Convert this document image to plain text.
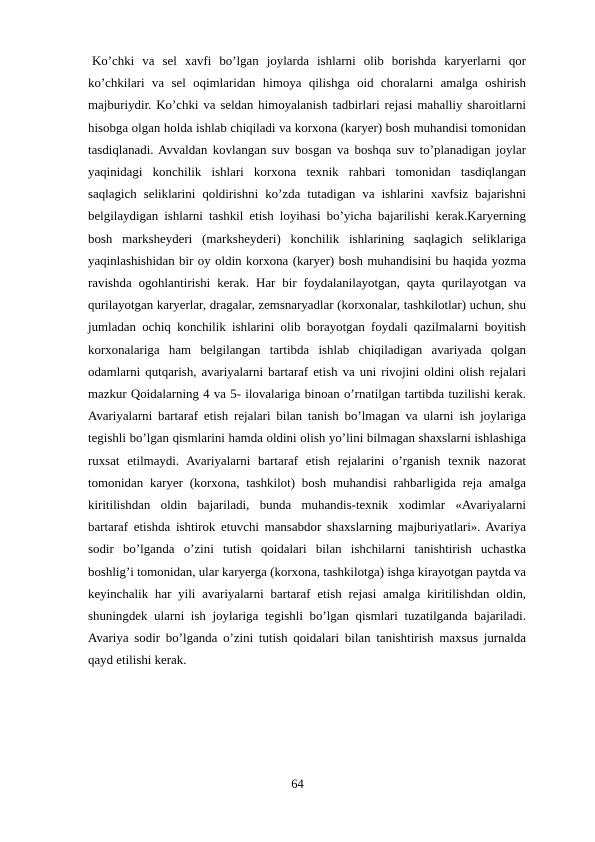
Ko’chki va sel xavfi bo’lgan joylarda ishlarni olib borishda karyerlarni qor ko’chkilari va sel oqimlaridan himoya qilishga oid choralarni amalga oshirish majburiydir. Ko’chki va seldan himoyalanish tadbirlari rejasi mahalliy sharoitlarni hisobga olgan holda ishlab chiqiladi va korxona (karyer) bosh muhandisi tomonidan tasdiqlanadi. Avvaldan kovlangan suv bosgan va boshqa suv to’planadigan joylar yaqinidagi konchilik ishlari korxona texnik rahbari tomonidan tasdiqlangan saqlagich seliklarini qoldirishni ko’zda tutadigan va ishlarini xavfsiz bajarishni belgilaydigan ishlarni tashkil etish loyihasi bo’yicha bajarilishi kerak.Karyerning bosh marksheyderi (marksheyderi) konchilik ishlarining saqlagich seliklariga yaqinlashishidan bir oy oldin korxona (karyer) bosh muhandisini bu haqida yozma ravishda ogohlantirishi kerak. Har bir foydalanilayotgan, qayta qurilayotgan va qurilayotgan karyerlar, dragalar, zemsnaryadlar (korxonalar, tashkilotlar) uchun, shu jumladan ochiq konchilik ishlarini olib borayotgan foydali qazilmalarni boyitish korxonalariga ham belgilangan tartibda ishlab chiqiladigan avariyada qolgan odamlarni qutqarish, avariyalarni bartaraf etish va uni rivojini oldini olish rejalari mazkur Qoidalarning 4 va 5- ilovalariga binoan o’rnatilgan tartibda tuzilishi kerak. Avariyalarni bartaraf etish rejalari bilan tanish bo’lmagan va ularni ish joylariga tegishli bo’lgan qismlarini hamda oldini olish yo’lini bilmagan shaxslarni ishlashiga ruxsat etilmaydi. Avariyalarni bartaraf etish rejalarini o’rganish texnik nazorat tomonidan karyer (korxona, tashkilot) bosh muhandisi rahbarligida reja amalga kiritilishdan oldin bajariladi, bunda muhandis-texnik xodimlar «Avariyalarni bartaraf etishda ishtirok etuvchi mansabdor shaxslarning majburiyatlari». Avariya sodir bo’lganda o’zini tutish qoidalari bilan ishchilarni tanishtirish uchastka boshlig’i tomonidan, ular karyerga (korxona, tashkilotga) ishga kirayotgan paytda va keyinchalik har yili avariyalarni bartaraf etish rejasi amalga kiritilishdan oldin, shuningdek ularni ish joylariga tegishli bo’lgan qismlari tuzatilganda bajariladi. Avariya sodir bo’lganda o’zini tutish qoidalari bilan tanishtirish maxsus jurnalda qayd etilishi kerak.

64
